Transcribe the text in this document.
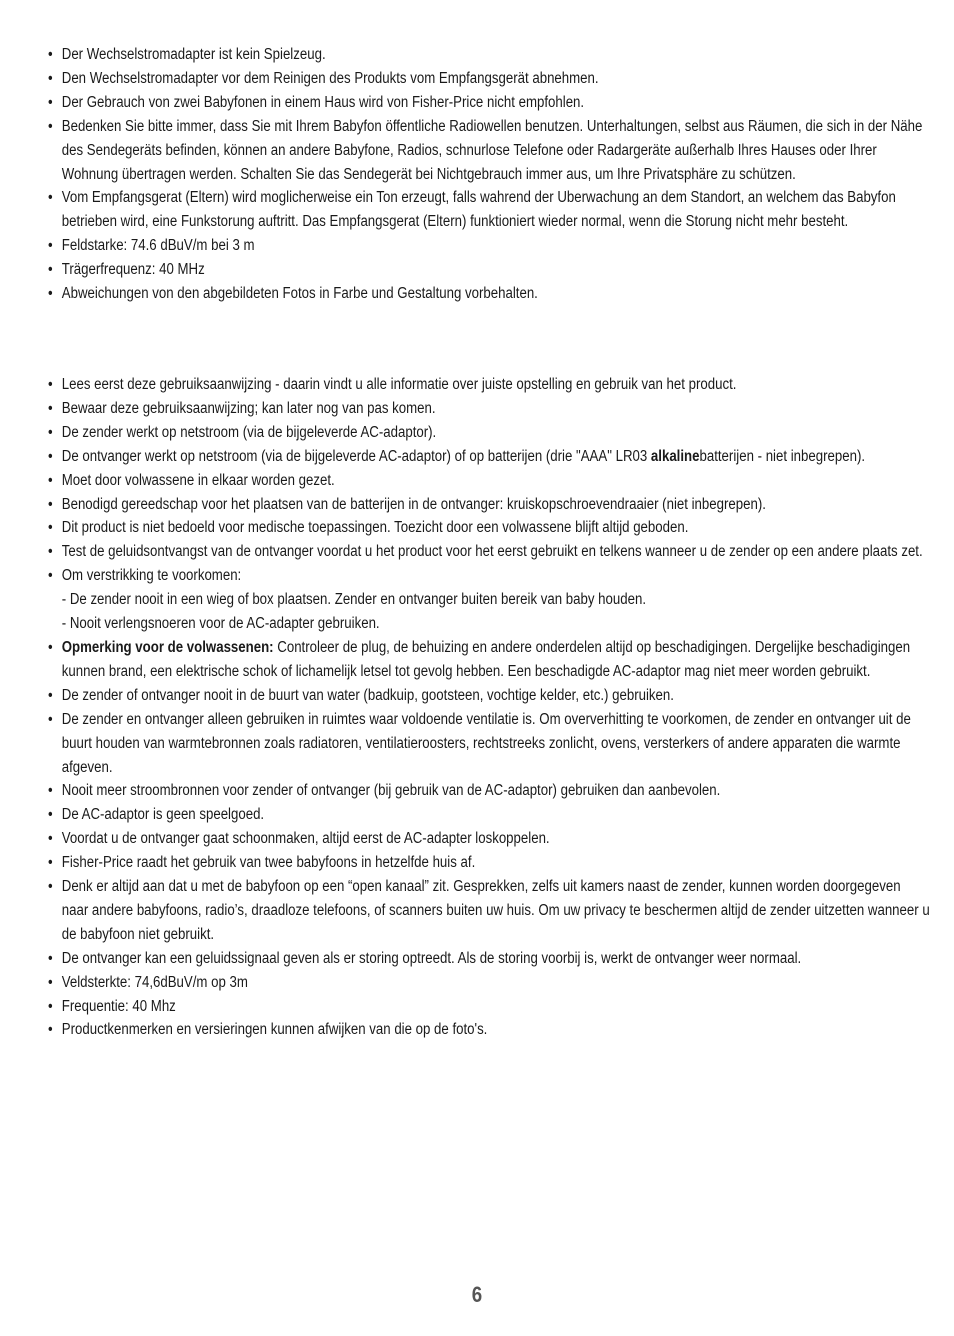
• Der Wechselstromadapter ist kein Spielzeug.
• Den Wechselstromadapter vor dem Reinigen des Produkts vom Empfangsgerät abnehmen.
• Der Gebrauch von zwei Babyfonen in einem Haus wird von Fisher-Price nicht empfohlen.
• Bedenken Sie bitte immer, dass Sie mit Ihrem Babyfon öffentliche Radiowellen benutzen. Unterhaltungen, selbst aus Räumen, die sich in der Nähe des Sendegeräts befinden, können an andere Babyfone, Radios, schnurlose Telefone oder Radargeräte außerhalb Ihres Hauses oder Ihrer Wohnung übertragen werden. Schalten Sie das Sendegerät bei Nichtgebrauch immer aus, um Ihre Privatsphäre zu schützen.
• Vom Empfangsgerat (Eltern) wird moglicherweise ein Ton erzeugt, falls wahrend der Uberwachung an dem Standort, an welchem das Babyfon betrieben wird, eine Funkstorung auftritt. Das Empfangsgerat (Eltern) funktioniert wieder normal, wenn die Storung nicht mehr besteht.
• Feldstarke: 74.6 dBuV/m bei 3 m
• Trägerfrequenz: 40 MHz
• Abweichungen von den abgebildeten Fotos in Farbe und Gestaltung vorbehalten.
• Lees eerst deze gebruiksaanwijzing - daarin vindt u alle informatie over juiste opstelling en gebruik van het product.
• Bewaar deze gebruiksaanwijzing; kan later nog van pas komen.
• De zender werkt op netstroom (via de bijgeleverde AC-adaptor).
• De ontvanger werkt op netstroom (via de bijgeleverde AC-adaptor) of op batterijen (drie "AAA" LR03 alkalinebatterijen - niet inbegrepen).
• Moet door volwassene in elkaar worden gezet.
• Benodigd gereedschap voor het plaatsen van de batterijen in de ontvanger: kruiskopschroevendraaier (niet inbegrepen).
• Dit product is niet bedoeld voor medische toepassingen. Toezicht door een volwassene blijft altijd geboden.
• Test de geluidsontvangst van de ontvanger voordat u het product voor het eerst gebruikt en telkens wanneer u de zender op een andere plaats zet.
• Om verstrikking te voorkomen:
- De zender nooit in een wieg of box plaatsen. Zender en ontvanger buiten bereik van baby houden.
- Nooit verlengsnoeren voor de AC-adapter gebruiken.
• Opmerking voor de volwassenen: Controleer de plug, de behuizing en andere onderdelen altijd op beschadigingen. Dergelijke beschadigingen kunnen brand, een elektrische schok of lichamelijk letsel tot gevolg hebben. Een beschadigde AC-adaptor mag niet meer worden gebruikt.
• De zender of ontvanger nooit in de buurt van water (badkuip, gootsteen, vochtige kelder, etc.) gebruiken.
• De zender en ontvanger alleen gebruiken in ruimtes waar voldoende ventilatie is. Om oververhitting te voorkomen, de zender en ontvanger uit de buurt houden van warmtebronnen zoals radiatoren, ventilatieroosters, rechtstreeks zonlicht, ovens, versterkers of andere apparaten die warmte afgeven.
• Nooit meer stroombronnen voor zender of ontvanger (bij gebruik van de AC-adaptor) gebruiken dan aanbevolen.
• De AC-adaptor is geen speelgoed.
• Voordat u de ontvanger gaat schoonmaken, altijd eerst de AC-adapter loskoppelen.
• Fisher-Price raadt het gebruik van twee babyfoons in hetzelfde huis af.
• Denk er altijd aan dat u met de babyfoon op een “open kanaal” zit. Gesprekken, zelfs uit kamers naast de zender, kunnen worden doorgegeven naar andere babyfoons, radio’s, draadloze telefoons, of scanners buiten uw huis. Om uw privacy te beschermen altijd de zender uitzetten wanneer u de babyfoon niet gebruikt.
• De ontvanger kan een geluidssignaal geven als er storing optreedt. Als de storing voorbij is, werkt de ontvanger weer normaal.
• Veldsterkte: 74,6dBuV/m op 3m
• Frequentie: 40 Mhz
• Productkenmerken en versieringen kunnen afwijken van die op de foto's.
6
